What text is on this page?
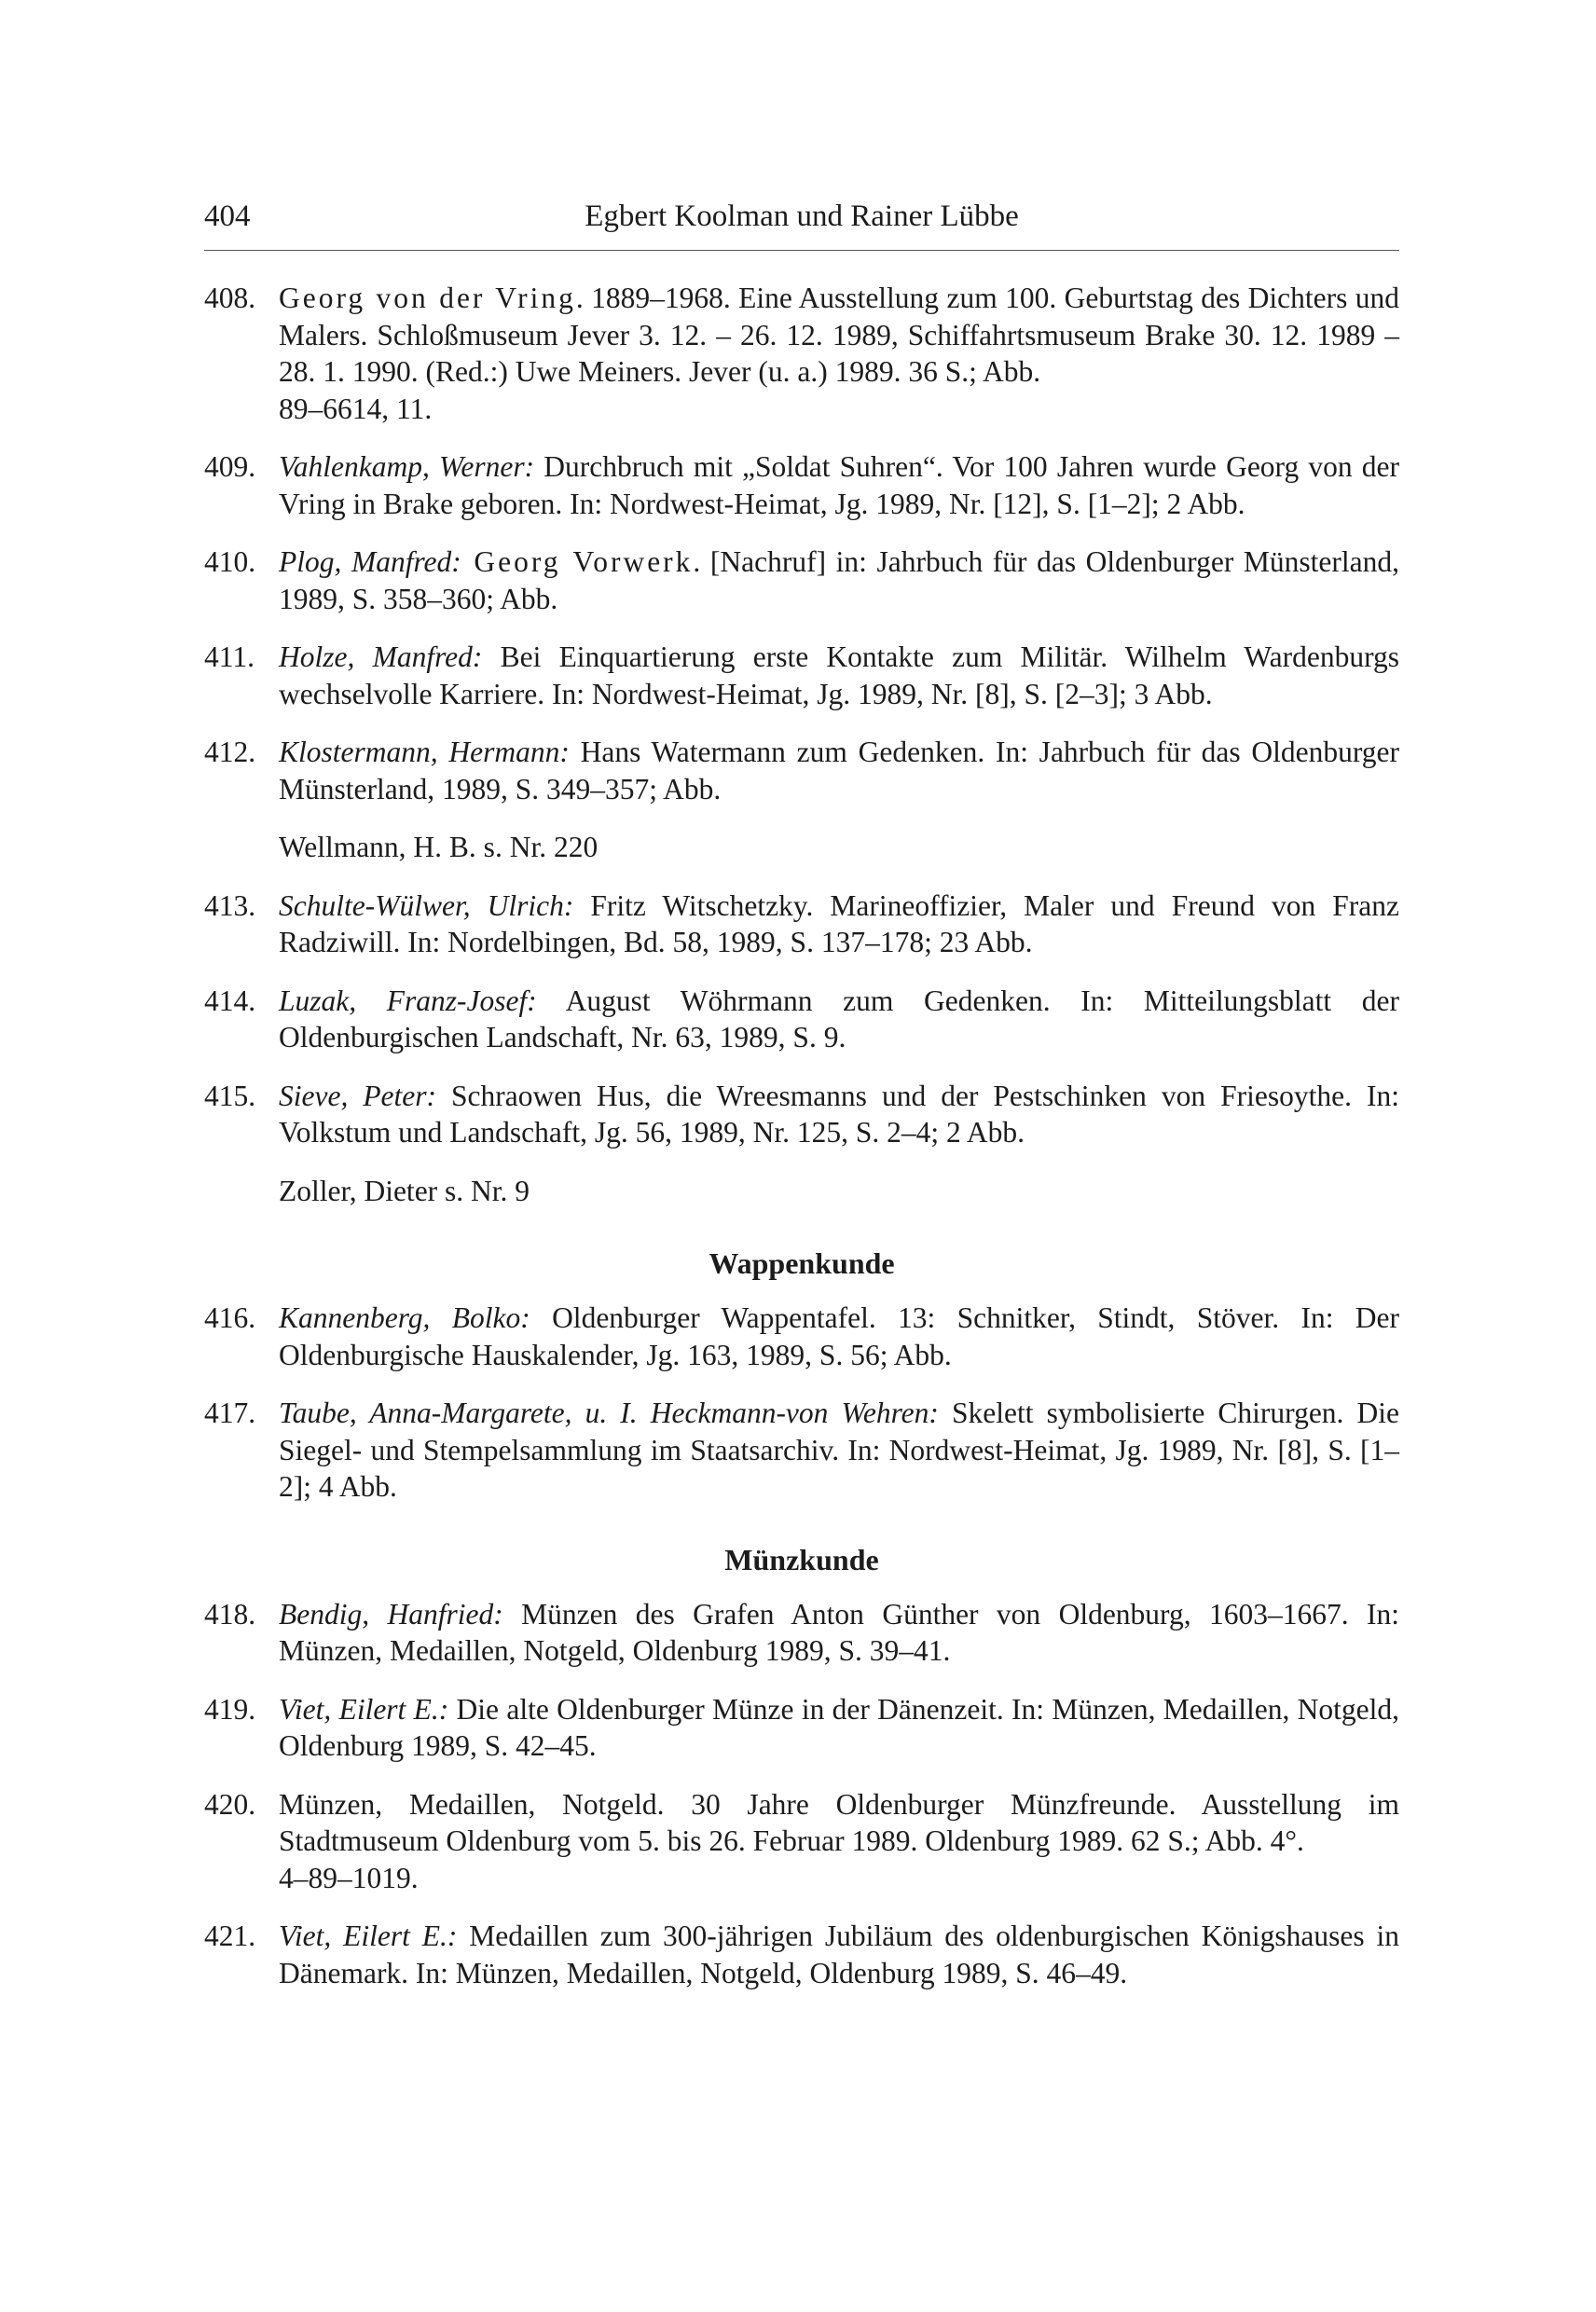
404	Egbert Koolman und Rainer Lübbe
408. Georg von der Vring. 1889–1968. Eine Ausstellung zum 100. Geburtstag des Dichters und Malers. Schloßmuseum Jever 3. 12. – 26. 12. 1989, Schiffahrtsmuseum Brake 30. 12. 1989 – 28. 1. 1990. (Red.:) Uwe Meiners. Jever (u. a.) 1989. 36 S.; Abb.
89–6614, 11.
409. Vahlenkamp, Werner: Durchbruch mit „Soldat Suhren“. Vor 100 Jahren wurde Georg von der Vring in Brake geboren. In: Nordwest-Heimat, Jg. 1989, Nr. [12], S. [1–2]; 2 Abb.
410. Plog, Manfred: Georg Vorwerk. [Nachruf] in: Jahrbuch für das Oldenburger Münsterland, 1989, S. 358–360; Abb.
411. Holze, Manfred: Bei Einquartierung erste Kontakte zum Militär. Wilhelm Wardenburgs wechselvolle Karriere. In: Nordwest-Heimat, Jg. 1989, Nr. [8], S. [2–3]; 3 Abb.
412. Klostermann, Hermann: Hans Watermann zum Gedenken. In: Jahrbuch für das Oldenburger Münsterland, 1989, S. 349–357; Abb.
Wellmann, H. B. s. Nr. 220
413. Schulte-Wülwer, Ulrich: Fritz Witschetzky. Marineoffizier, Maler und Freund von Franz Radziwill. In: Nordelbingen, Bd. 58, 1989, S. 137–178; 23 Abb.
414. Luzak, Franz-Josef: August Wöhrmann zum Gedenken. In: Mitteilungsblatt der Oldenburgischen Landschaft, Nr. 63, 1989, S. 9.
415. Sieve, Peter: Schraowen Hus, die Wreesmanns und der Pestschinken von Friesoythe. In: Volkstum und Landschaft, Jg. 56, 1989, Nr. 125, S. 2–4; 2 Abb.
Zoller, Dieter s. Nr. 9
Wappenkunde
416. Kannenberg, Bolko: Oldenburger Wappentafel. 13: Schnitker, Stindt, Stöver. In: Der Oldenburgische Hauskalender, Jg. 163, 1989, S. 56; Abb.
417. Taube, Anna-Margarete, u. I. Heckmann-von Wehren: Skelett symbolisierte Chirurgen. Die Siegel- und Stempelsammlung im Staatsarchiv. In: Nordwest-Heimat, Jg. 1989, Nr. [8], S. [1–2]; 4 Abb.
Münzkunde
418. Bendig, Hanfried: Münzen des Grafen Anton Günther von Oldenburg, 1603–1667. In: Münzen, Medaillen, Notgeld, Oldenburg 1989, S. 39–41.
419. Viet, Eilert E.: Die alte Oldenburger Münze in der Dänenzeit. In: Münzen, Medaillen, Notgeld, Oldenburg 1989, S. 42–45.
420. Münzen, Medaillen, Notgeld. 30 Jahre Oldenburger Münzfreunde. Ausstellung im Stadtmuseum Oldenburg vom 5. bis 26. Februar 1989. Oldenburg 1989. 62 S.; Abb. 4°.
4–89–1019.
421. Viet, Eilert E.: Medaillen zum 300-jährigen Jubiläum des oldenburgischen Königshauses in Dänemark. In: Münzen, Medaillen, Notgeld, Oldenburg 1989, S. 46–49.
